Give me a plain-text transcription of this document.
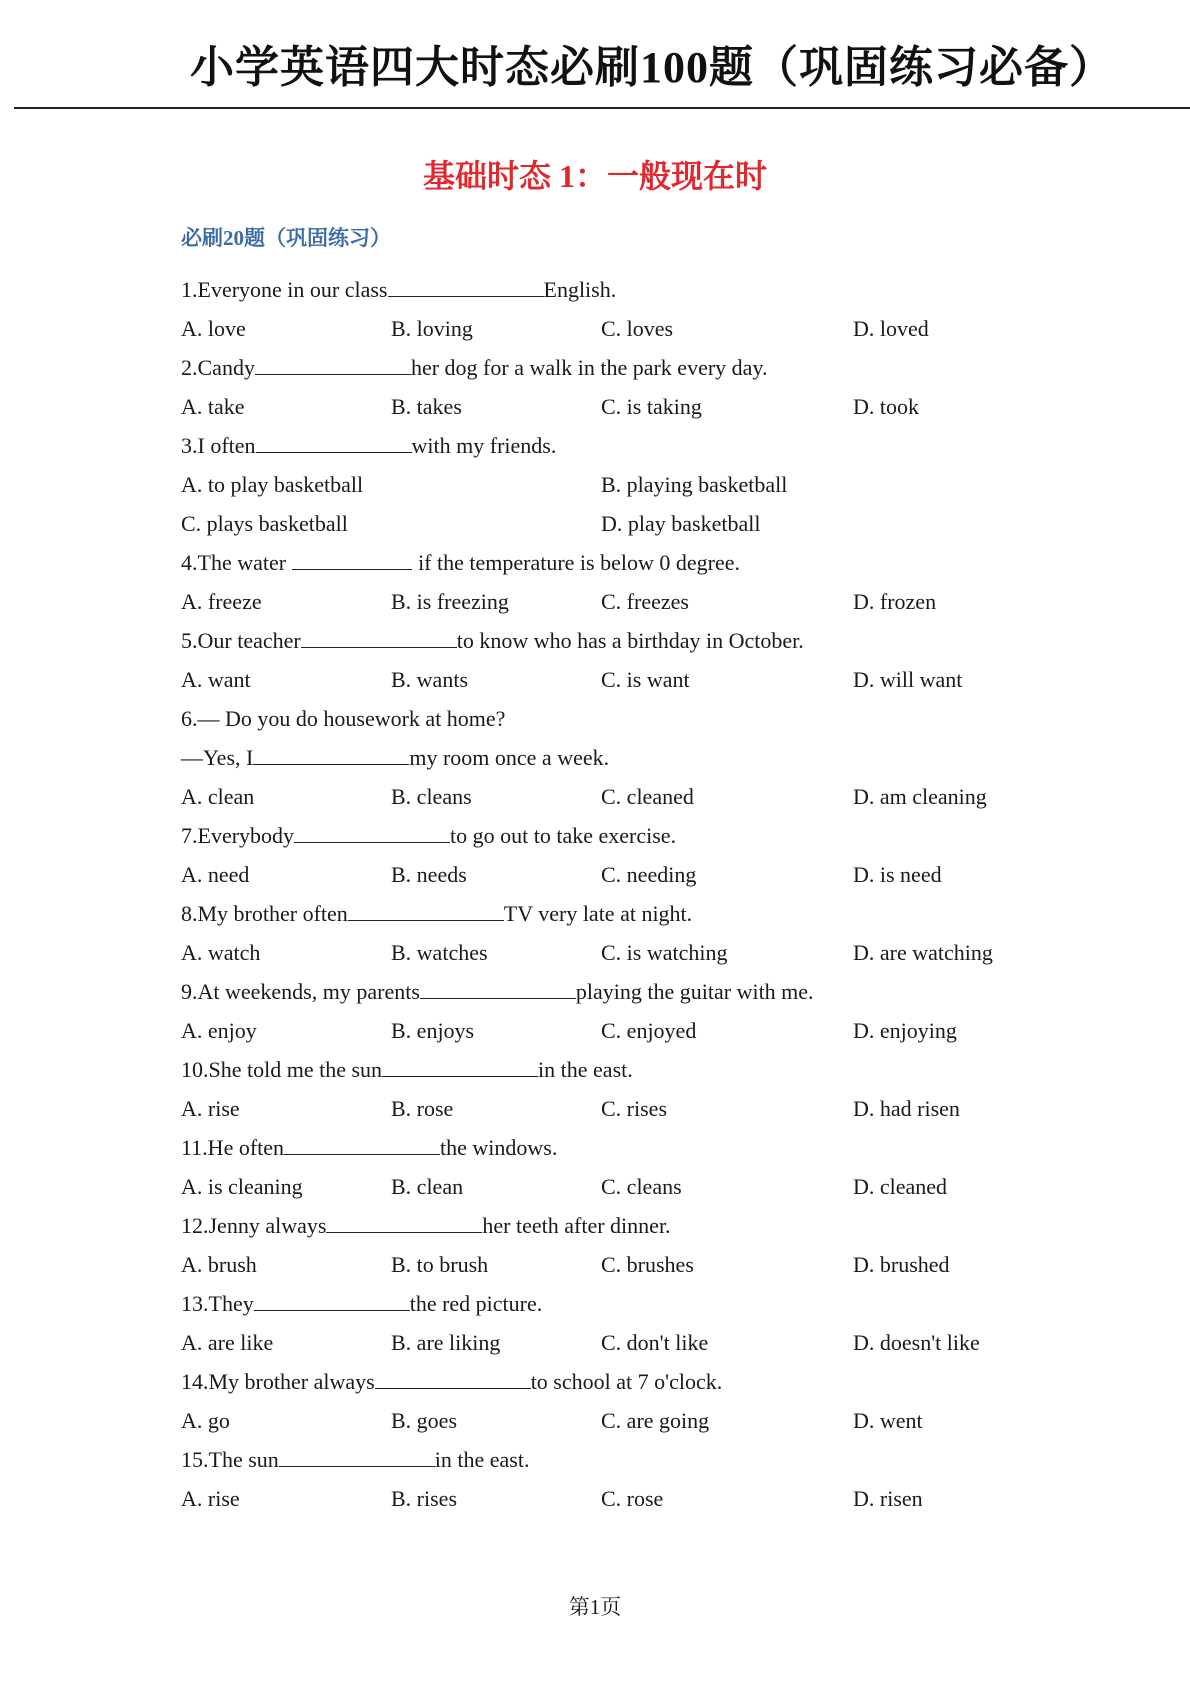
小学英语四大时态必刷100题（巩固练习必备）
基础时态 1：一般现在时
必刷20题（巩固练习）
1.Everyone in our class	English.
A. love	B. loving	C. loves	D. loved
2.Candy	her dog for a walk in the park every day.
A. take	B. takes	C. is taking	D. took
3.I often	with my friends.
A. to play basketball	B. playing basketball
C. plays basketball	D. play basketball
4.The water	if the temperature is below 0 degree.
A. freeze	B. is freezing	C. freezes	D. frozen
5.Our teacher	to know who has a birthday in October.
A. want	B. wants	C. is want	D. will want
6.— Do you do housework at home?
—Yes, I	my room once a week.
A. clean	B. cleans	C. cleaned	D. am cleaning
7.Everybody	to go out to take exercise.
A. need	B. needs	C. needing	D. is need
8.My brother often	TV very late at night.
A. watch	B. watches	C. is watching	D. are watching
9.At weekends, my parents	playing the guitar with me.
A. enjoy	B. enjoys	C. enjoyed	D. enjoying
10.She told me the sun	in the east.
A. rise	B. rose	C. rises	D. had risen
11.He often	the windows.
A. is cleaning	B. clean	C. cleans	D. cleaned
12.Jenny always	her teeth after dinner.
A. brush	B. to brush	C. brushes	D. brushed
13.They	the red picture.
A. are like	B. are liking	C. don't like	D. doesn't like
14.My brother always	to school at 7 o'clock.
A. go	B. goes	C. are going	D. went
15.The sun	in the east.
A. rise	B. rises	C. rose	D. risen
第1页
